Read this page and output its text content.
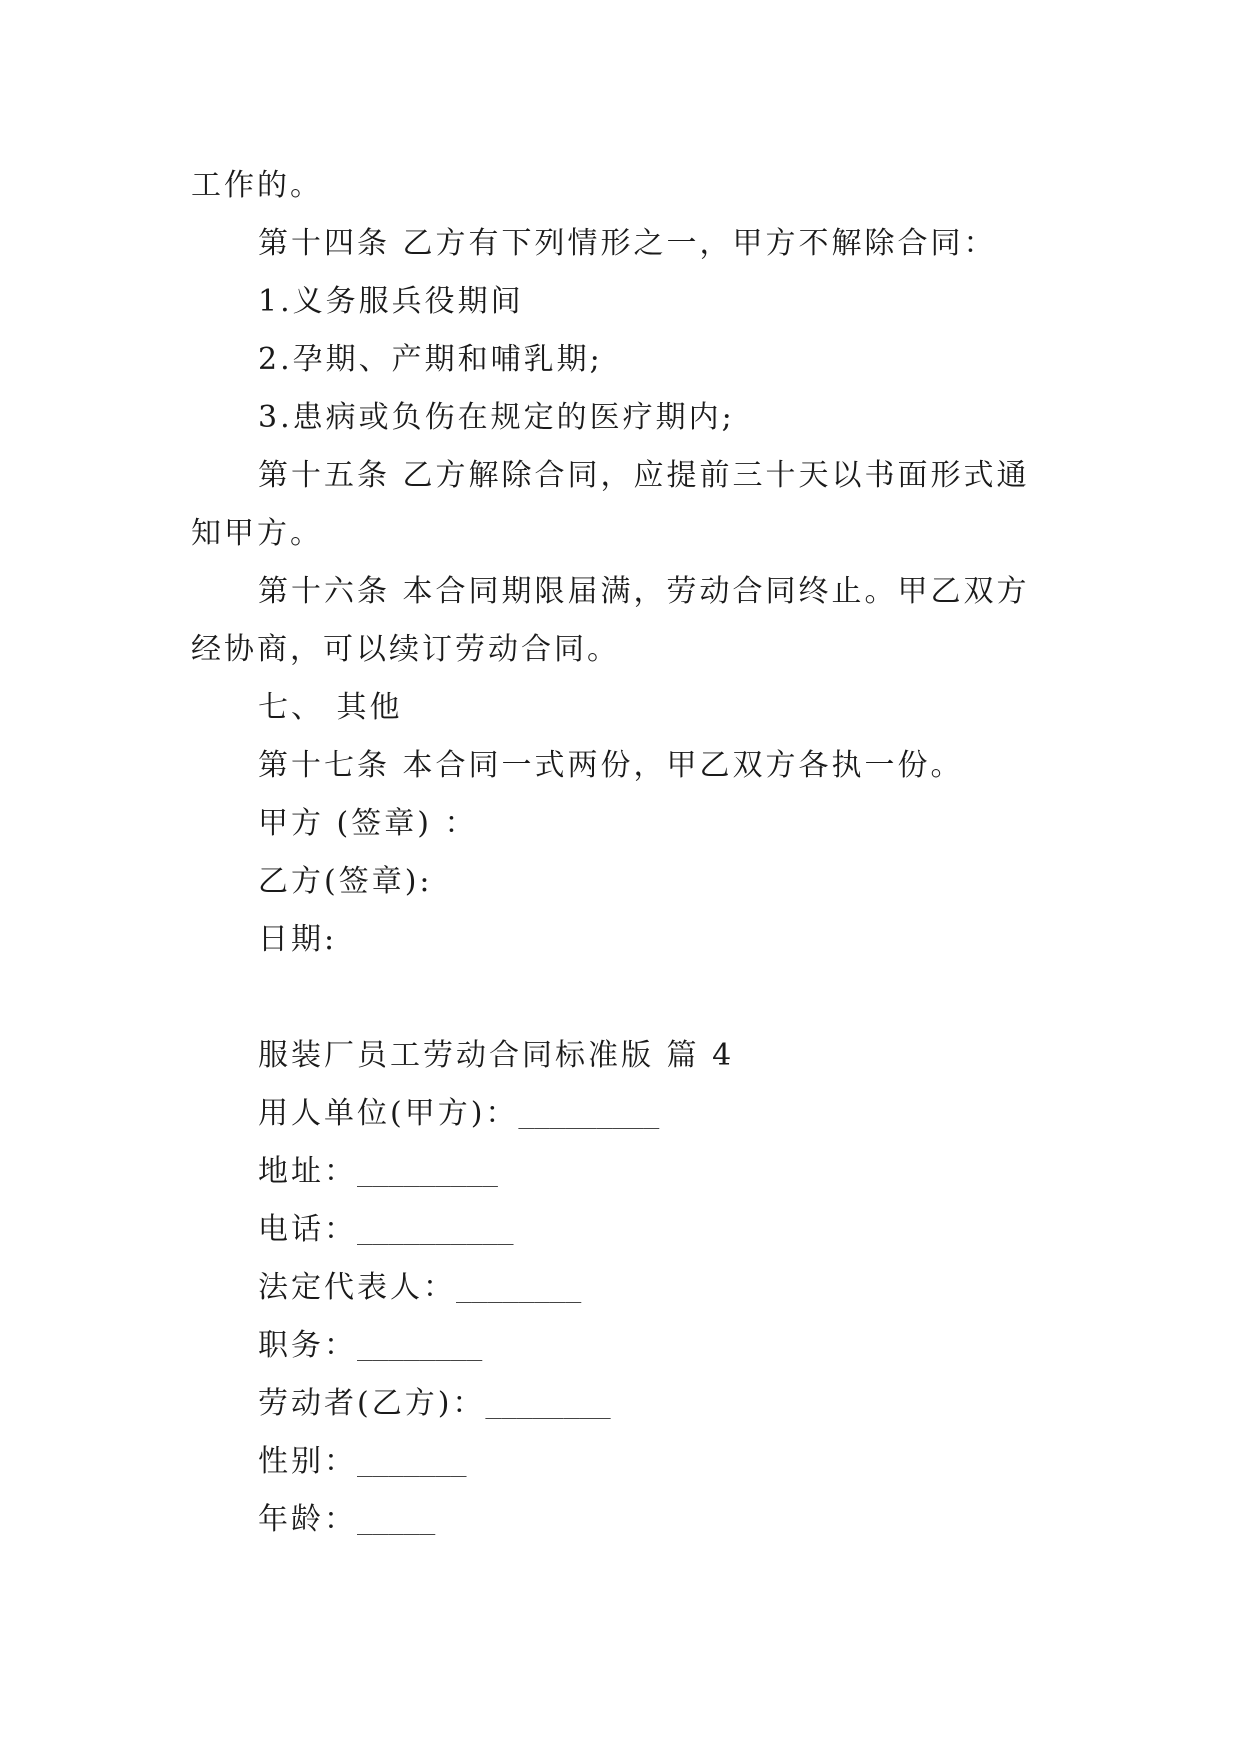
工作的。
第十四条 乙方有下列情形之一，甲方不解除合同：
1.义务服兵役期间
2.孕期、产期和哺乳期;
3.患病或负伤在规定的医疗期内;
第十五条 乙方解除合同，应提前三十天以书面形式通
知甲方。
第十六条 本合同期限届满，劳动合同终止。甲乙双方
经协商，可以续订劳动合同。
七、 其他
第十七条 本合同一式两份，甲乙双方各执一份。
甲方 (签章) ：
乙方(签章):
日期:
服装厂员工劳动合同标准版 篇 4
用人单位(甲方)：_________
地址：_________
电话：__________
法定代表人：________
职务：________
劳动者(乙方)：________
性别：_______
年龄：_____
